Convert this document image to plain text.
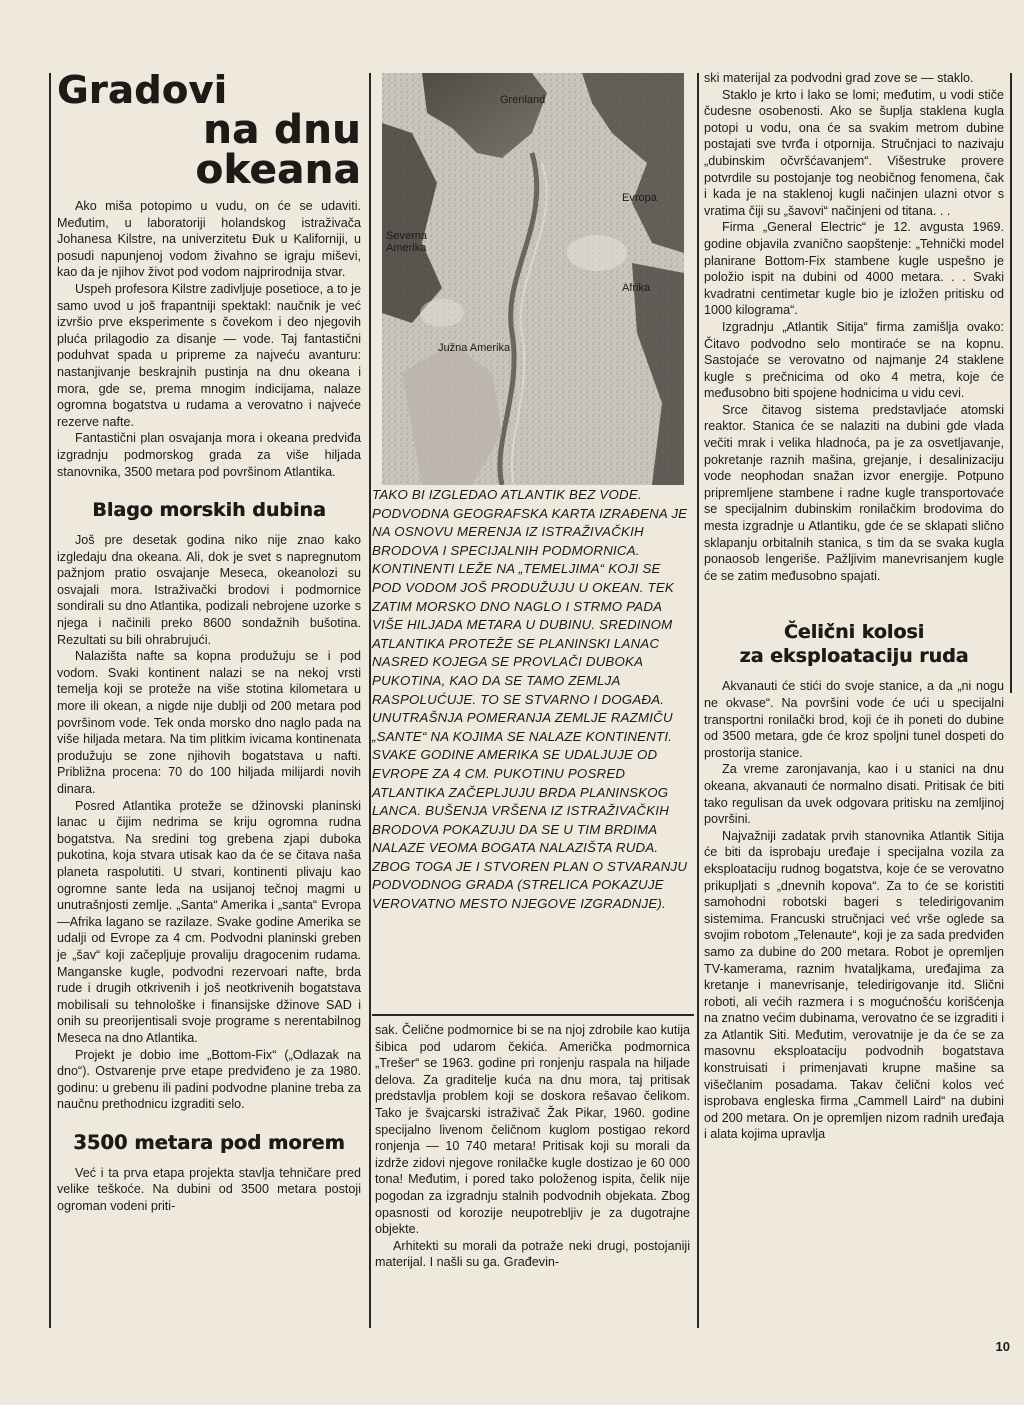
Gradovi
na dnu okeana

Ako miša potopimo u vudu, on će se udaviti. Međutim, u laboratoriji holandskog istraživača Johanesa Kilstre, na univerzitetu Đuk u Kaliforniji, u posudi napunjenoj vodom živahno se igraju miševi, kao da je njihov život pod vodom najprirodnija stvar.

Uspeh profesora Kilstre zadivljuje posetioce, a to je samo uvod u još frapantniji spektakl: naučnik je već izvršio prve eksperimente s čovekom i deo njegovih pluća prilagodio za disanje — vode. Taj fantastični poduhvat spada u pripreme za najveću avanturu: nastanjivanje beskrajnih pustinja na dnu okeana i mora, gde se, prema mnogim indicijama, nalaze ogromna bogatstva u rudama a verovatno i najveće rezerve nafte.

Fantastični plan osvajanja mora i okeana predviđa izgradnju podmorskog grada za više hiljada stanovnika, 3500 metara pod površinom Atlantika.

Blago morskih dubina

Još pre desetak godina niko nije znao kako izgledaju dna okeana. Ali, dok je svet s napregnutom pažnjom pratio osvajanje Meseca, okeanolozi su osvajali mora. Istraživački brodovi i podmornice sondirali su dno Atlantika, podizali nebrojene uzorke s njega i načinili preko 8600 sondažnih bušotina. Rezultati su bili ohrabrujući.

Nalazišta nafte sa kopna produžuju se i pod vodom. Svaki kontinent nalazi se na nekoj vrsti temelja koji se proteže na više stotina kilometara u more ili okean, a nigde nije dublji od 200 metara pod površinom vode. Tek onda morsko dno naglo pada na više hiljada metara. Na tim plitkim ivicama kontinenata produžuju se zone njihovih bogatstava u nafti. Približna procena: 70 do 100 hiljada milijardi novih dinara.

Posred Atlantika proteže se džinovski planinski lanac u čijim nedrima se kriju ogromna rudna bogatstva. Na sredini tog grebena zjapi duboka pukotina, koja stvara utisak kao da će se čitava naša planeta raspolutiti. U stvari, kontinenti plivaju kao ogromne sante leda na usijanoj tečnoj magmi u unutrašnjosti zemlje. „Santa“ Amerika i „santa“ Evropa—Afrika lagano se razilaze. Svake godine Amerika se udalji od Evrope za 4 cm. Podvodni planinski greben je „šav“ koji začepljuje provaliju dragocenim rudama. Manganske kugle, podvodni rezervoari nafte, brda rude i drugih otkrivenih i još neotkrivenih bogatstava mobilisali su tehnološke i finansijske džinove SAD i onih su preorijentisali svoje programe s nerentabilnog Meseca na dno Atlantika.

Projekt je dobio ime „Bottom-Fix“ („Odlazak na dno“). Ostvarenje prve etape predviđeno je za 1980. godinu: u grebenu ili padini podvodne planine treba za naučnu prethodnicu izgraditi selo.

3500 metara pod morem

Već i ta prva etapa projekta stavlja tehničare pred velike teškoće. Na dubini od 3500 metara postoji ogroman vodeni priti-

Grenland
Evropa
Severna
Amerika
Afrika
Južna Amerika
TAKO BI IZGLEDAO ATLANTIK BEZ VODE. PODVODNA GEOGRAFSKA KARTA IZRAĐENA JE NA OSNOVU MERENJA IZ ISTRAŽIVAČKIH BRODOVA I SPECIJALNIH PODMORNICA. KONTINENTI LEŽE NA „TEMELJIMA“ KOJI SE POD VODOM JOŠ PRODUŽUJU U OKEAN. TEK ZATIM MORSKO DNO NAGLO I STRMO PADA VIŠE HILJADA METARA U DUBINU. SREDINOM ATLANTIKA PROTEŽE SE PLANINSKI LANAC NASRED KOJEGA SE PROVLAČI DUBOKA PUKOTINA, KAO DA SE TAMO ZEMLJA RASPOLUĆUJE. TO SE STVARNO I DOGAĐA. UNUTRAŠNJA POMERANJA ZEMLJE RAZMIČU „SANTE“ NA KOJIMA SE NALAZE KONTINENTI. SVAKE GODINE AMERIKA SE UDALJUJE OD EVROPE ZA 4 CM. PUKOTINU POSRED ATLANTIKA ZAČEPLJUJU BRDA PLANINSKOG LANCA. BUŠENJA VRŠENA IZ ISTRAŽIVAČKIH BRODOVA POKAZUJU DA SE U TIM BRDIMA NALAZE VEOMA BOGATA NALAZIŠTA RUDA. ZBOG TOGA JE I STVOREN PLAN O STVARANJU PODVODNOG GRADA (STRELICA POKAZUJE VEROVATNO MESTO NJEGOVE IZGRADNJE).

sak. Čelične podmornice bi se na njoj zdrobile kao kutija šibica pod udarom čekića. Američka podmornica „Trešer“ se 1963. godine pri ronjenju raspala na hiljade delova. Za graditelje kuća na dnu mora, taj pritisak predstavlja problem koji se doskora rešavao čelikom. Tako je švajcarski istraživač Žak Pikar, 1960. godine specijalno livenom čeličnom kuglom postigao rekord ronjenja — 10 740 metara! Pritisak koji su morali da izdrže zidovi njegove ronilačke kugle dostizao je 60 000 tona! Međutim, i pored tako položenog ispita, čelik nije pogodan za izgradnju stalnih podvodnih objekata. Zbog opasnosti od korozije neupotrebljiv je za dugotrajne objekte.

Arhitekti su morali da potraže neki drugi, postojaniji materijal. I našli su ga. Građevin-

ski materijal za podvodni grad zove se — staklo.

Staklo je krto i lako se lomi; međutim, u vodi stiče čudesne osobenosti. Ako se šuplja staklena kugla potopi u vodu, ona će sa svakim metrom dubine postajati sve tvrđa i otpornija. Stručnjaci to nazivaju „dubinskim očvršćavanjem“. Višestruke provere potvrdile su postojanje tog neobičnog fenomena, čak i kada je na staklenoj kugli načinjen ulazni otvor s vratima čiji su „šavovi“ načinjeni od titana. . .

Firma „General Electric“ je 12. avgusta 1969. godine objavila zvanično saopštenje: „Tehnički model planirane Bottom-Fix stambene kugle uspešno je položio ispit na dubini od 4000 metara. . . Svaki kvadratni centimetar kugle bio je izložen pritisku od 1000 kilograma“.

Izgradnju „Atlantik Sitija“ firma zamišlja ovako: Čitavo podvodno selo montiraće se na kopnu. Sastojaće se verovatno od najmanje 24 staklene kugle s prečnicima od oko 4 metra, koje će međusobno biti spojene hodnicima u vidu cevi.

Srce čitavog sistema predstavljaće atomski reaktor. Stanica će se nalaziti na dubini gde vlada večiti mrak i velika hladnoća, pa je za osvetljavanje, pokretanje raznih mašina, grejanje, i desalinizaciju vode neophodan snažan izvor energije. Potpuno pripremljene stambene i radne kugle transportovaće se specijalnim dubinskim ronilačkim brodovima do mesta izgradnje u Atlantiku, gde će se sklapati slično sklapanju orbitalnih stanica, s tim da se svaka kugla ponaosob lengeriše. Pažljivim manevrisanjem kugle će se zatim međusobno spajati.

Čelični kolosi
za eksploataciju ruda

Akvanauti će stići do svoje stanice, a da „ni nogu ne okvase“. Na površini vode će ući u specijalni transportni ronilački brod, koji će ih poneti do dubine od 3500 metara, gde će kroz spoljni tunel dospeti do prostorija stanice.

Za vreme zaronjavanja, kao i u stanici na dnu okeana, akvanauti će normalno disati. Pritisak će biti tako regulisan da uvek odgovara pritisku na zemljinoj površini.

Najvažniji zadatak prvih stanovnika Atlantik Sitija će biti da isprobaju uređaje i specijalna vozila za eksploataciju rudnog bogatstva, koje će se verovatno prikupljati s „dnevnih kopova“. Za to će se koristiti samohodni robotski bageri s teledirigovanim sistemima. Francuski stručnjaci već vrše oglede sa svojim robotom „Telenaute“, koji je za sada predviđen samo za dubine do 200 metara. Robot je opremljen TV-kamerama, raznim hvataljkama, uređajima za kretanje i manevrisanje, teledirigovanje itd. Slični roboti, ali većih razmera i s mogućnošću korišćenja na znatno većim dubinama, verovatno će se izgraditi i za Atlantik Siti. Međutim, verovatnije je da će se za masovnu eksploataciju podvodnih bogatstava konstruisati i primenjavati krupne mašine sa višečlanim posadama. Takav čelični kolos već isprobava engleska firma „Cammell Laird“ na dubini od 200 metara. On je opremljen nizom radnih uređaja i alata kojima upravlja

10
